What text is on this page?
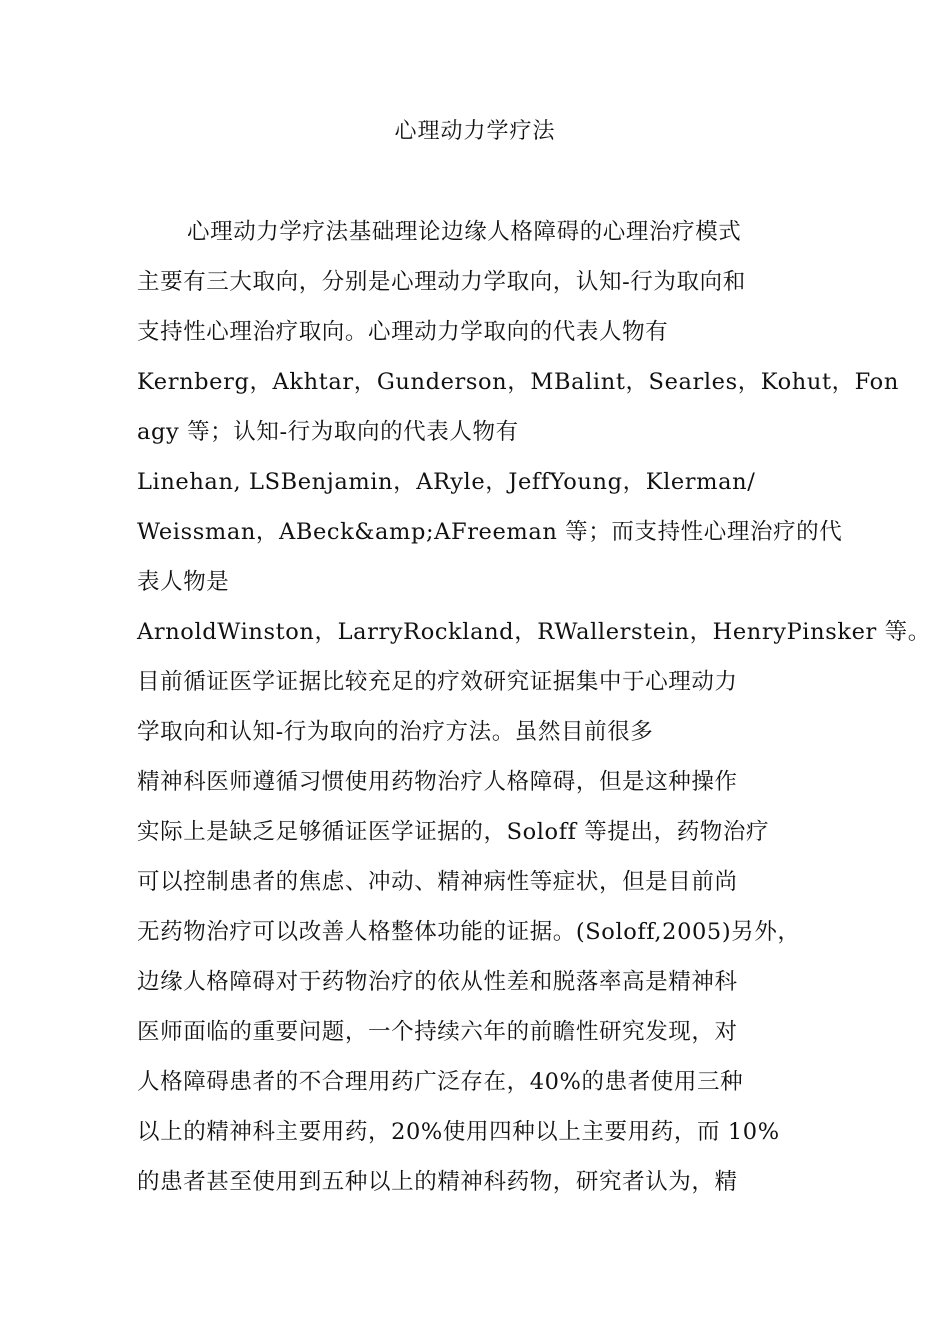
心理动力学疗法
心理动力学疗法基础理论边缘人格障碍的心理治疗模式
主要有三大取向，分别是心理动力学取向，认知-行为取向和
支持性心理治疗取向。心理动力学取向的代表人物有
Kernberg，Akhtar，Gunderson，MBalint，Searles，Kohut，Fon
agy 等；认知-行为取向的代表人物有
Linehan, LSBenjamin，ARyle，JeffYoung，Klerman/
Weissman，ABeck&amp;AFreeman 等；而支持性心理治疗的代
表人物是
ArnoldWinston，LarryRockland，RWallerstein，HenryPinsker 等。
目前循证医学证据比较充足的疗效研究证据集中于心理动力
学取向和认知-行为取向的治疗方法。虽然目前很多
精神科医师遵循习惯使用药物治疗人格障碍，但是这种操作
实际上是缺乏足够循证医学证据的，Soloff 等提出，药物治疗
可以控制患者的焦虑、冲动、精神病性等症状，但是目前尚
无药物治疗可以改善人格整体功能的证据。(Soloff,2005)另外，
边缘人格障碍对于药物治疗的依从性差和脱落率高是精神科
医师面临的重要问题，一个持续六年的前瞻性研究发现，对
人格障碍患者的不合理用药广泛存在，40%的患者使用三种
以上的精神科主要用药，20%使用四种以上主要用药，而 10%
的患者甚至使用到五种以上的精神科药物，研究者认为，精
